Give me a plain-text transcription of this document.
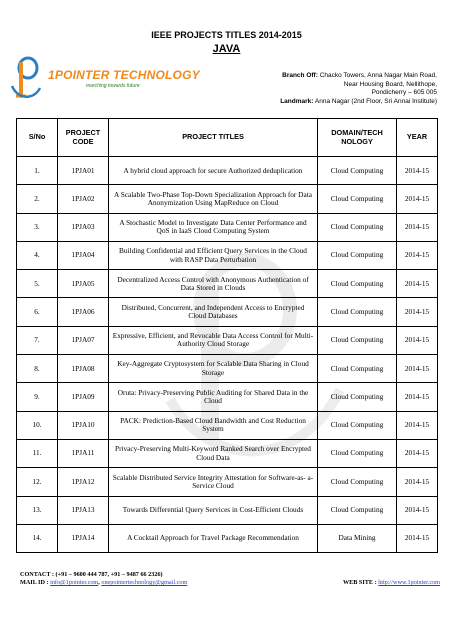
IEEE PROJECTS TITLES 2014-2015
JAVA
1POINTER TECHNOLOGY
marching towards future
Branch Off: Chacko Towers, Anna Nagar Main Road,
Near Housing Board, Nellithope,
Pondicherry – 605 005
Landmark: Anna Nagar (2nd Floor, Sri Annai Institute)
S/No	PROJECT CODE	PROJECT TITLES	DOMAIN/TECH NOLOGY	YEAR
1.	1PJA01	A hybrid cloud approach for secure Authorized deduplication	Cloud Computing	2014-15
2.	1PJA02	A Scalable Two-Phase Top-Down Specialization Approach for Data Anonymization Using MapReduce on Cloud	Cloud Computing	2014-15
3.	1PJA03	A Stochastic Model to Investigate Data Center Performance and QoS in IaaS Cloud Computing System	Cloud Computing	2014-15
4.	1PJA04	Building Confidential and Efficient Query Services in the Cloud with RASP Data Perturbation	Cloud Computing	2014-15
5.	1PJA05	Decentralized Access Control with Anonymous Authentication of Data Stored in Clouds	Cloud Computing	2014-15
6.	1PJA06	Distributed, Concurrent, and Independent Access to Encrypted Cloud Databases	Cloud Computing	2014-15
7.	1PJA07	Expressive, Efficient, and Revocable Data Access Control for Multi-Authority Cloud Storage	Cloud Computing	2014-15
8.	1PJA08	Key-Aggregate Cryptosystem for Scalable Data Sharing in Cloud Storage	Cloud Computing	2014-15
9.	1PJA09	Oruta: Privacy-Preserving Public Auditing for Shared Data in the Cloud	Cloud Computing	2014-15
10.	1PJA10	PACK: Prediction-Based Cloud Bandwidth and Cost Reduction System	Cloud Computing	2014-15
11.	1PJA11	Privacy-Preserving Multi-Keyword Ranked Search over Encrypted Cloud Data	Cloud Computing	2014-15
12.	1PJA12	Scalable Distributed Service Integrity Attestation for Software-as- a-Service Cloud	Cloud Computing	2014-15
13.	1PJA13	Towards Differential Query Services in Cost-Efficient Clouds	Cloud Computing	2014-15
14.	1PJA14	A Cocktail Approach for Travel Package Recommendation	Data Mining	2014-15
CONTACT : (+91 – 9600 444 787, +91 – 9487 66 2326)
MAIL ID : info@1pointer.com, onepointertechnology@gmail.com	WEB SITE : http://www.1pointer.com
